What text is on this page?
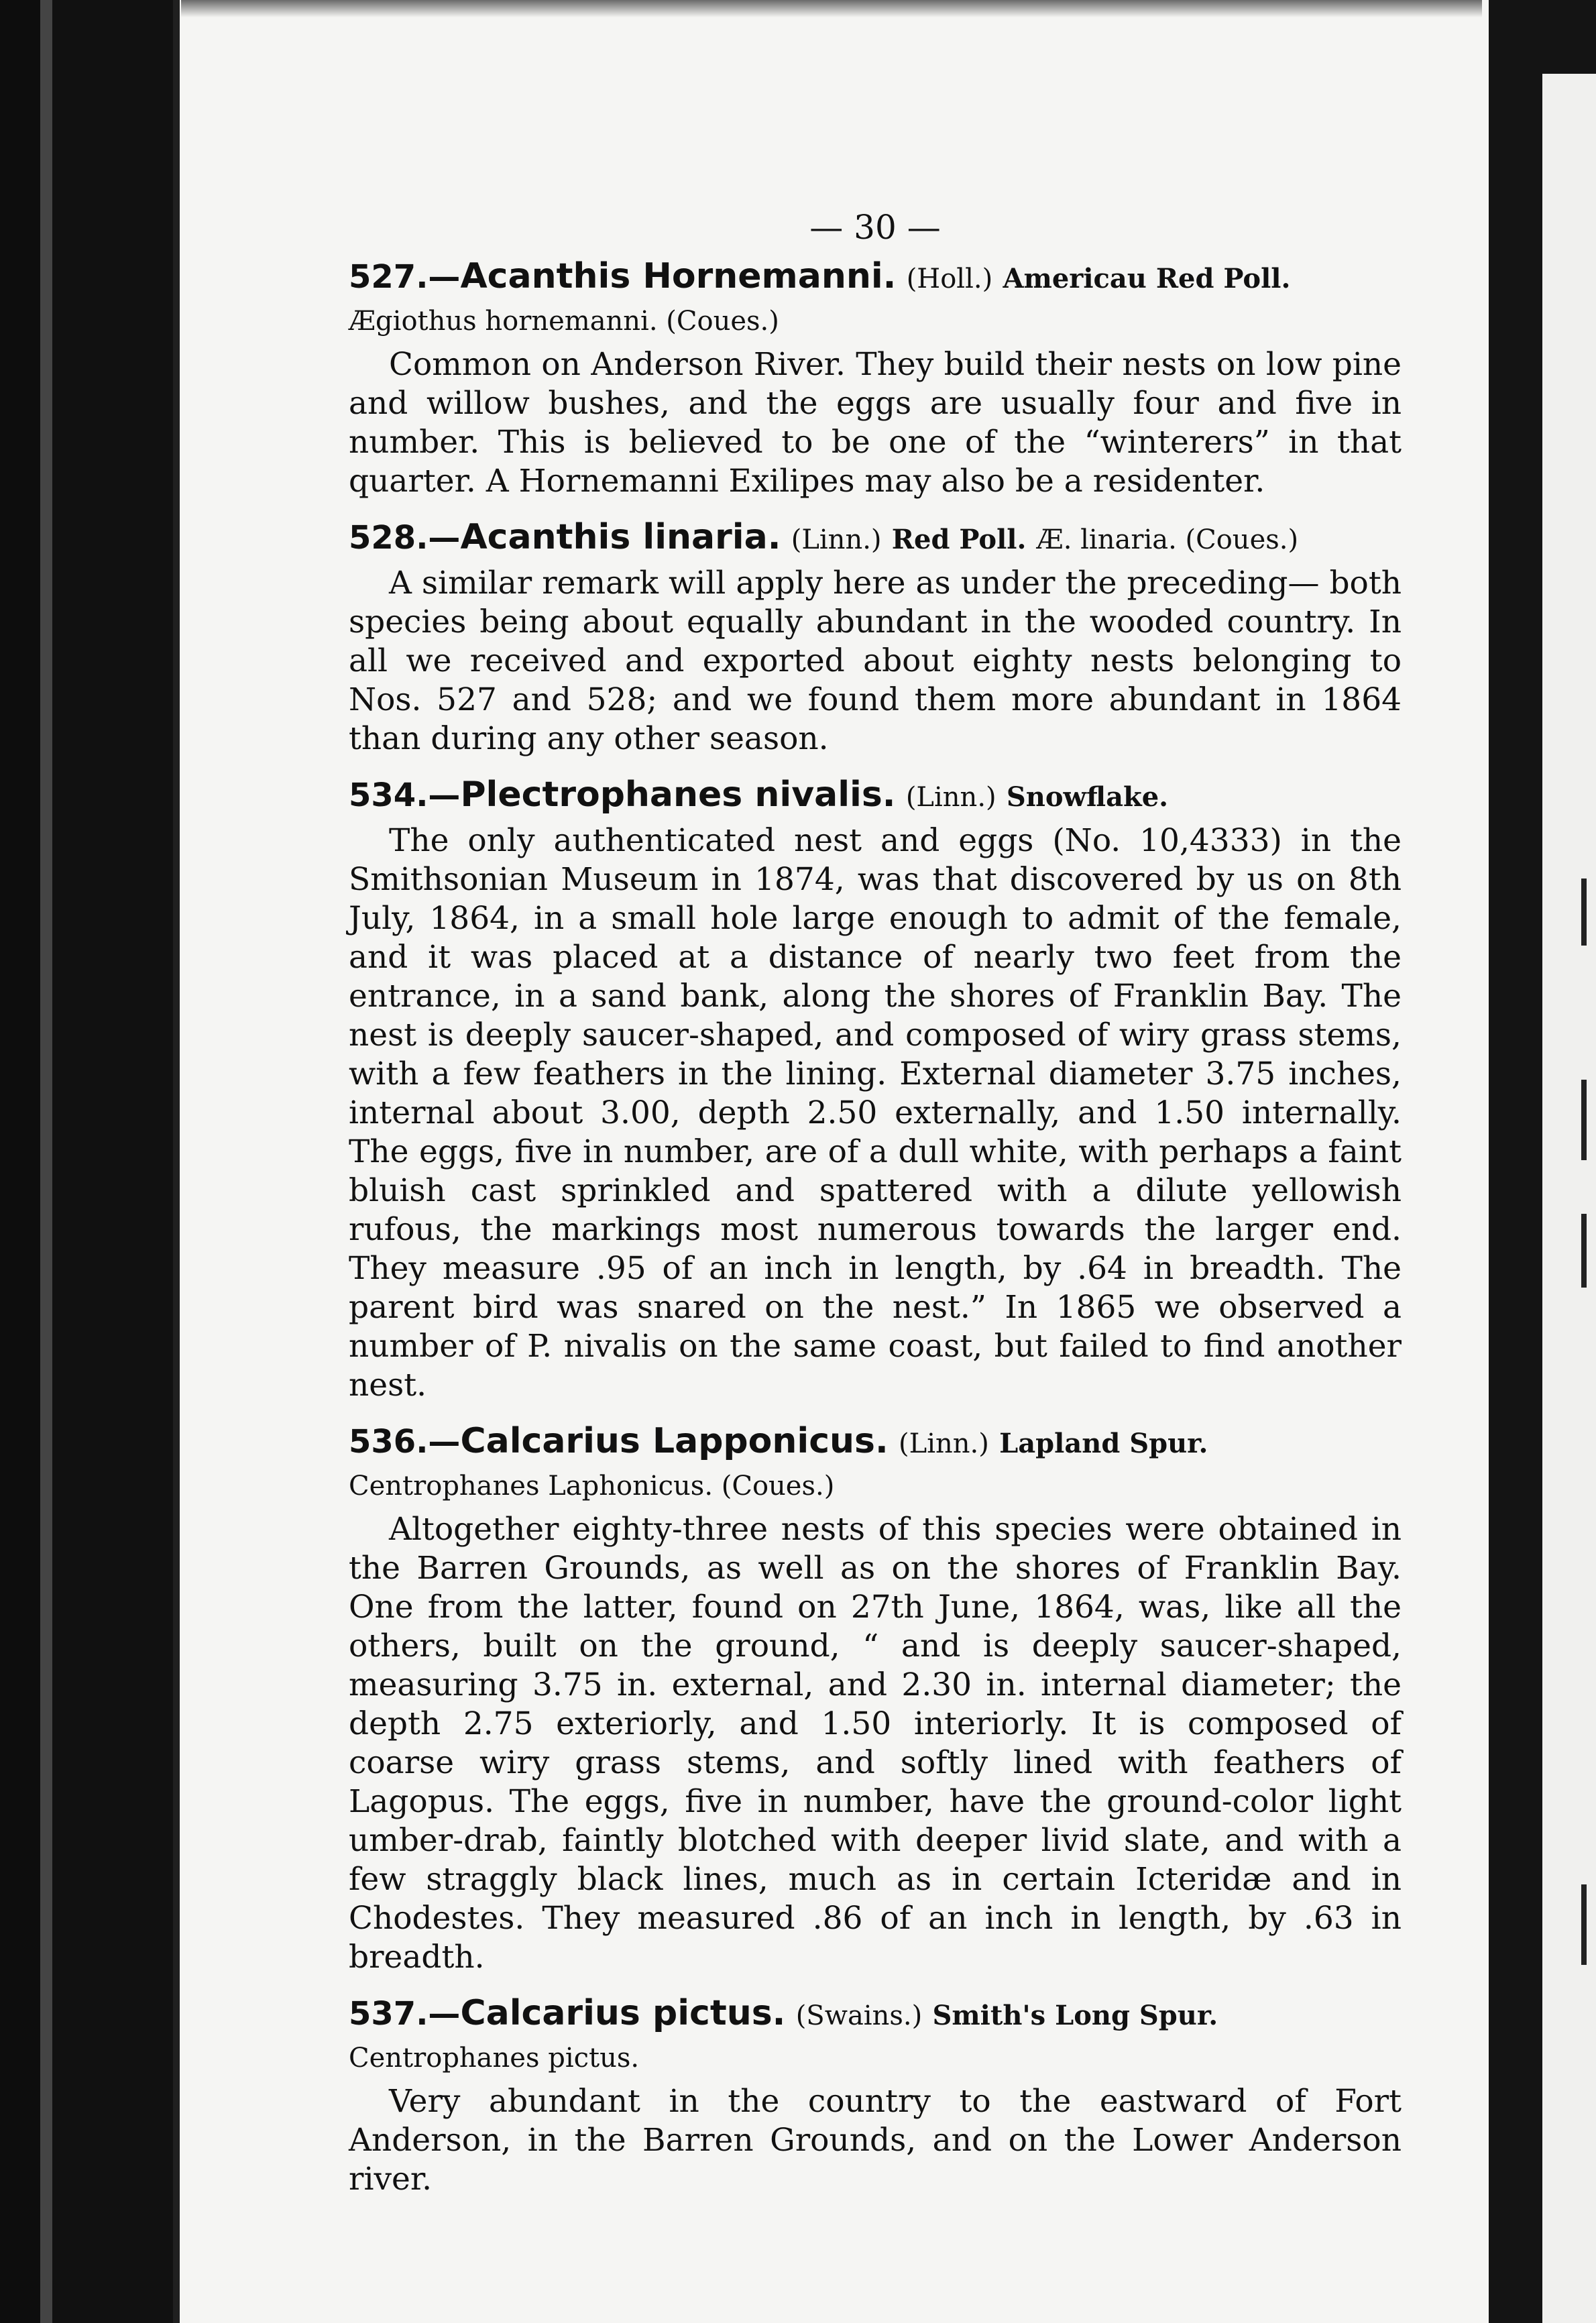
— 30 —

527.—Acanthis Hornemanni. (Holl.) Americau Red Poll. Ægiothus hornemanni. (Coues.)

Common on Anderson River. They build their nests on low pine and willow bushes, and the eggs are usually four and five in number. This is believed to be one of the “winterers” in that quarter. A Hornemanni Exilipes may also be a residenter.

528.—Acanthis linaria. (Linn.) Red Poll. Æ. linaria. (Coues.)

A similar remark will apply here as under the preceding— both species being about equally abundant in the wooded country. In all we received and exported about eighty nests belonging to Nos. 527 and 528; and we found them more abundant in 1864 than during any other season.

534.—Plectrophanes nivalis. (Linn.) Snowflake.

The only authenticated nest and eggs (No. 10,4333) in the Smithsonian Museum in 1874, was that discovered by us on 8th July, 1864, in a small hole large enough to admit of the female, and it was placed at a distance of nearly two feet from the entrance, in a sand bank, along the shores of Franklin Bay. The nest is deeply saucer-shaped, and composed of wiry grass stems, with a few feathers in the lining. External diameter 3.75 inches, internal about 3.00, depth 2.50 externally, and 1.50 internally. The eggs, five in number, are of a dull white, with perhaps a faint bluish cast sprinkled and spattered with a dilute yellowish rufous, the markings most numerous towards the larger end. They measure .95 of an inch in length, by .64 in breadth. The parent bird was snared on the nest.” In 1865 we observed a number of P. nivalis on the same coast, but failed to find another nest.

536.—Calcarius Lapponicus. (Linn.) Lapland Spur. Centrophanes Laphonicus. (Coues.)

Altogether eighty-three nests of this species were obtained in the Barren Grounds, as well as on the shores of Franklin Bay. One from the latter, found on 27th June, 1864, was, like all the others, built on the ground, “ and is deeply saucer-shaped, measuring 3.75 in. external, and 2.30 in. internal diameter; the depth 2.75 exteriorly, and 1.50 interiorly. It is composed of coarse wiry grass stems, and softly lined with feathers of Lagopus. The eggs, five in number, have the ground-color light umber-drab, faintly blotched with deeper livid slate, and with a few straggly black lines, much as in certain Icteridæ and in Chodestes. They measured .86 of an inch in length, by .63 in breadth.

537.—Calcarius pictus. (Swains.) Smith's Long Spur. Centrophanes pictus.

Very abundant in the country to the eastward of Fort Anderson, in the Barren Grounds, and on the Lower Anderson river.
